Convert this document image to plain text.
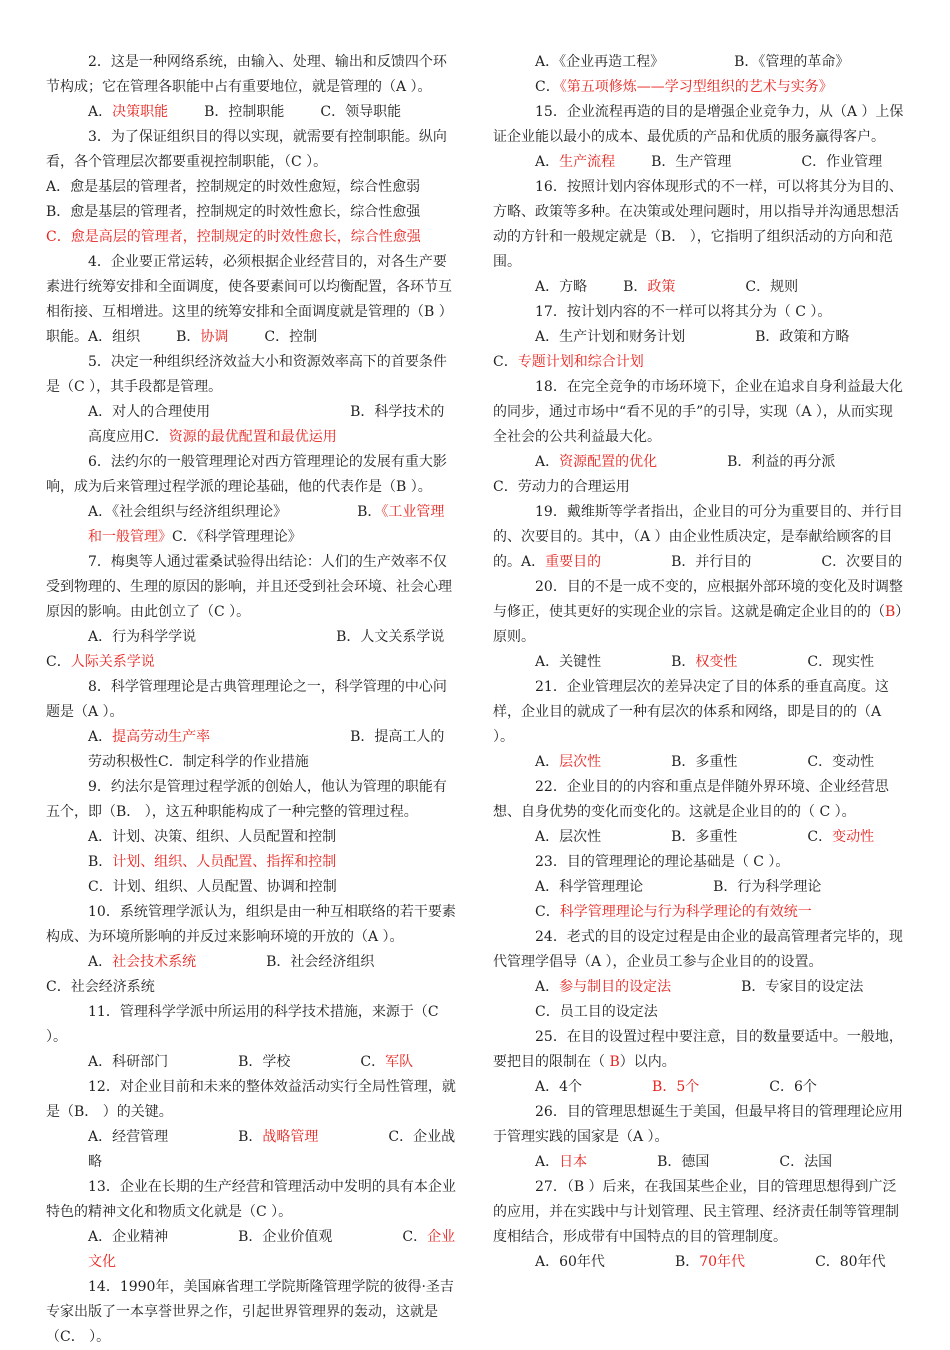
2．这是一种网络系统，由输入、处理、输出和反馈四个环节构成；它在管理各职能中占有重要地位，就是管理的（A ）。

A．决策职能	B．控制职能	C．领导职能

3．为了保证组织目的得以实现，就需要有控制职能。纵向看，各个管理层次都要重视控制职能，（C ）。

A．愈是基层的管理者，控制规定的时效性愈短，综合性愈弱

B．愈是基层的管理者，控制规定的时效性愈长，综合性愈强

C．愈是高层的管理者，控制规定的时效性愈长，综合性愈强

4．企业要正常运转，必须根据企业经营目的，对各生产要素进行统筹安排和全面调度，使各要素间可以均衡配置，各环节互相衔接、互相增进。这里的统筹安排和全面调度就是管理的（B ）职能。A．组织	B．协调	C．控制

5．决定一种组织经济效益大小和资源效率高下的首要条件是（C ），其手段都是管理。

A．对人的合理使用	B．科学技术的高度应用C．资源的最优配置和最优运用

6．法约尔的一般管理理论对西方管理理论的发展有重大影响，成为后来管理过程学派的理论基础，他的代表作是（B ）。

A．《社会组织与经济组织理论》	B．《工业管理和一般管理》C．《科学管理理论》

7．梅奥等人通过霍桑试验得出结论：人们的生产效率不仅受到物理的、生理的原因的影响，并且还受到社会环境、社会心理原因的影响。由此创立了（C ）。

A．行为科学学说	B．人文关系学说

C．人际关系学说

8．科学管理理论是古典管理理论之一，科学管理的中心问题是（A ）。

A．提高劳动生产率	B．提高工人的劳动积极性C．制定科学的作业措施

9．约法尔是管理过程学派的创始人，他认为管理的职能有五个，即（B． ），这五种职能构成了一种完整的管理过程。

A．计划、决策、组织、人员配置和控制

B．计划、组织、人员配置、指挥和控制

C．计划、组织、人员配置、协调和控制

10．系统管理学派认为，组织是由一种互相联络的若干要素构成、为环境所影响的并反过来影响环境的开放的（A ）。

A．社会技术系统	B．社会经济组织

C．社会经济系统

11．管理科学学派中所运用的科学技术措施，来源于（C ）。

A．科研部门	B．学校	C．军队

12．对企业目前和未来的整体效益活动实行全局性管理，就是（B． ）的关键。

A．经营管理	B．战略管理	C．企业战略

13．企业在长期的生产经营和管理活动中发明的具有本企业特色的精神文化和物质文化就是（C ）。

A．企业精神	B．企业价值观	C．企业文化

14．1990年，美国麻省理工学院斯隆管理学院的彼得·圣吉专家出版了一本享誉世界之作，引起世界管理界的轰动，这就是（C． ）。

A．《企业再造工程》	B．《管理的革命》

C．《第五项修炼——学习型组织的艺术与实务》

15．企业流程再造的目的是增强企业竞争力，从（A ）上保证企业能以最小的成本、最优质的产品和优质的服务赢得客户。

A．生产流程	B．生产管理	C．作业管理

16．按照计划内容体现形式的不一样，可以将其分为目的、方略、政策等多种。在决策或处理问题时，用以指导并沟通思想活动的方针和一般规定就是（B． ），它指明了组织活动的方向和范围。

A．方略	B．政策	C．规则

17．按计划内容的不一样可以将其分为（ C ）。

A．生产计划和财务计划	B．政策和方略

C．专题计划和综合计划

18．在完全竞争的市场环境下，企业在追求自身利益最大化的同步，通过市场中“看不见的手”的引导，实现（A ），从而实现全社会的公共利益最大化。

A．资源配置的优化	B．利益的再分派

C．劳动力的合理运用

19．戴维斯等学者指出，企业目的可分为重要目的、并行目的、次要目的。其中，（A ）由企业性质决定，是奉献给顾客的目的。A．重要目的	B．并行目的	C．次要目的

20．目的不是一成不变的，应根据外部环境的变化及时调整与修正，使其更好的实现企业的宗旨。这就是确定企业目的的（B）原则。

A．关键性	B．权变性	C．现实性

21．企业管理层次的差异决定了目的体系的垂直高度。这样，企业目的就成了一种有层次的体系和网络，即是目的的（A ）。

A．层次性	B．多重性	C．变动性

22．企业目的的内容和重点是伴随外界环境、企业经营思想、自身优势的变化而变化的。这就是企业目的的（ C ）。

A．层次性	B．多重性	C．变动性

23．目的管理理论的理论基础是（ C ）。

A．科学管理理论	B．行为科学理论

C．科学管理理论与行为科学理论的有效统一

24．老式的目的设定过程是由企业的最高管理者完毕的，现代管理学倡导（A ），企业员工参与企业目的的设置。

A．参与制目的设定法	B．专家目的设定法

C．员工目的设定法

25．在目的设置过程中要注意，目的数量要适中。一般地，要把目的限制在（ B）以内。

A．4个	B．5个	C．6个

26．目的管理思想诞生于美国，但最早将目的管理理论应用于管理实践的国家是（A ）。

A．日本	B．德国	C．法国

27．（B ）后来，在我国某些企业，目的管理思想得到广泛的应用，并在实践中与计划管理、民主管理、经济责任制等管理制度相结合，形成带有中国特点的目的管理制度。

A．60年代	B．70年代	C．80年代
